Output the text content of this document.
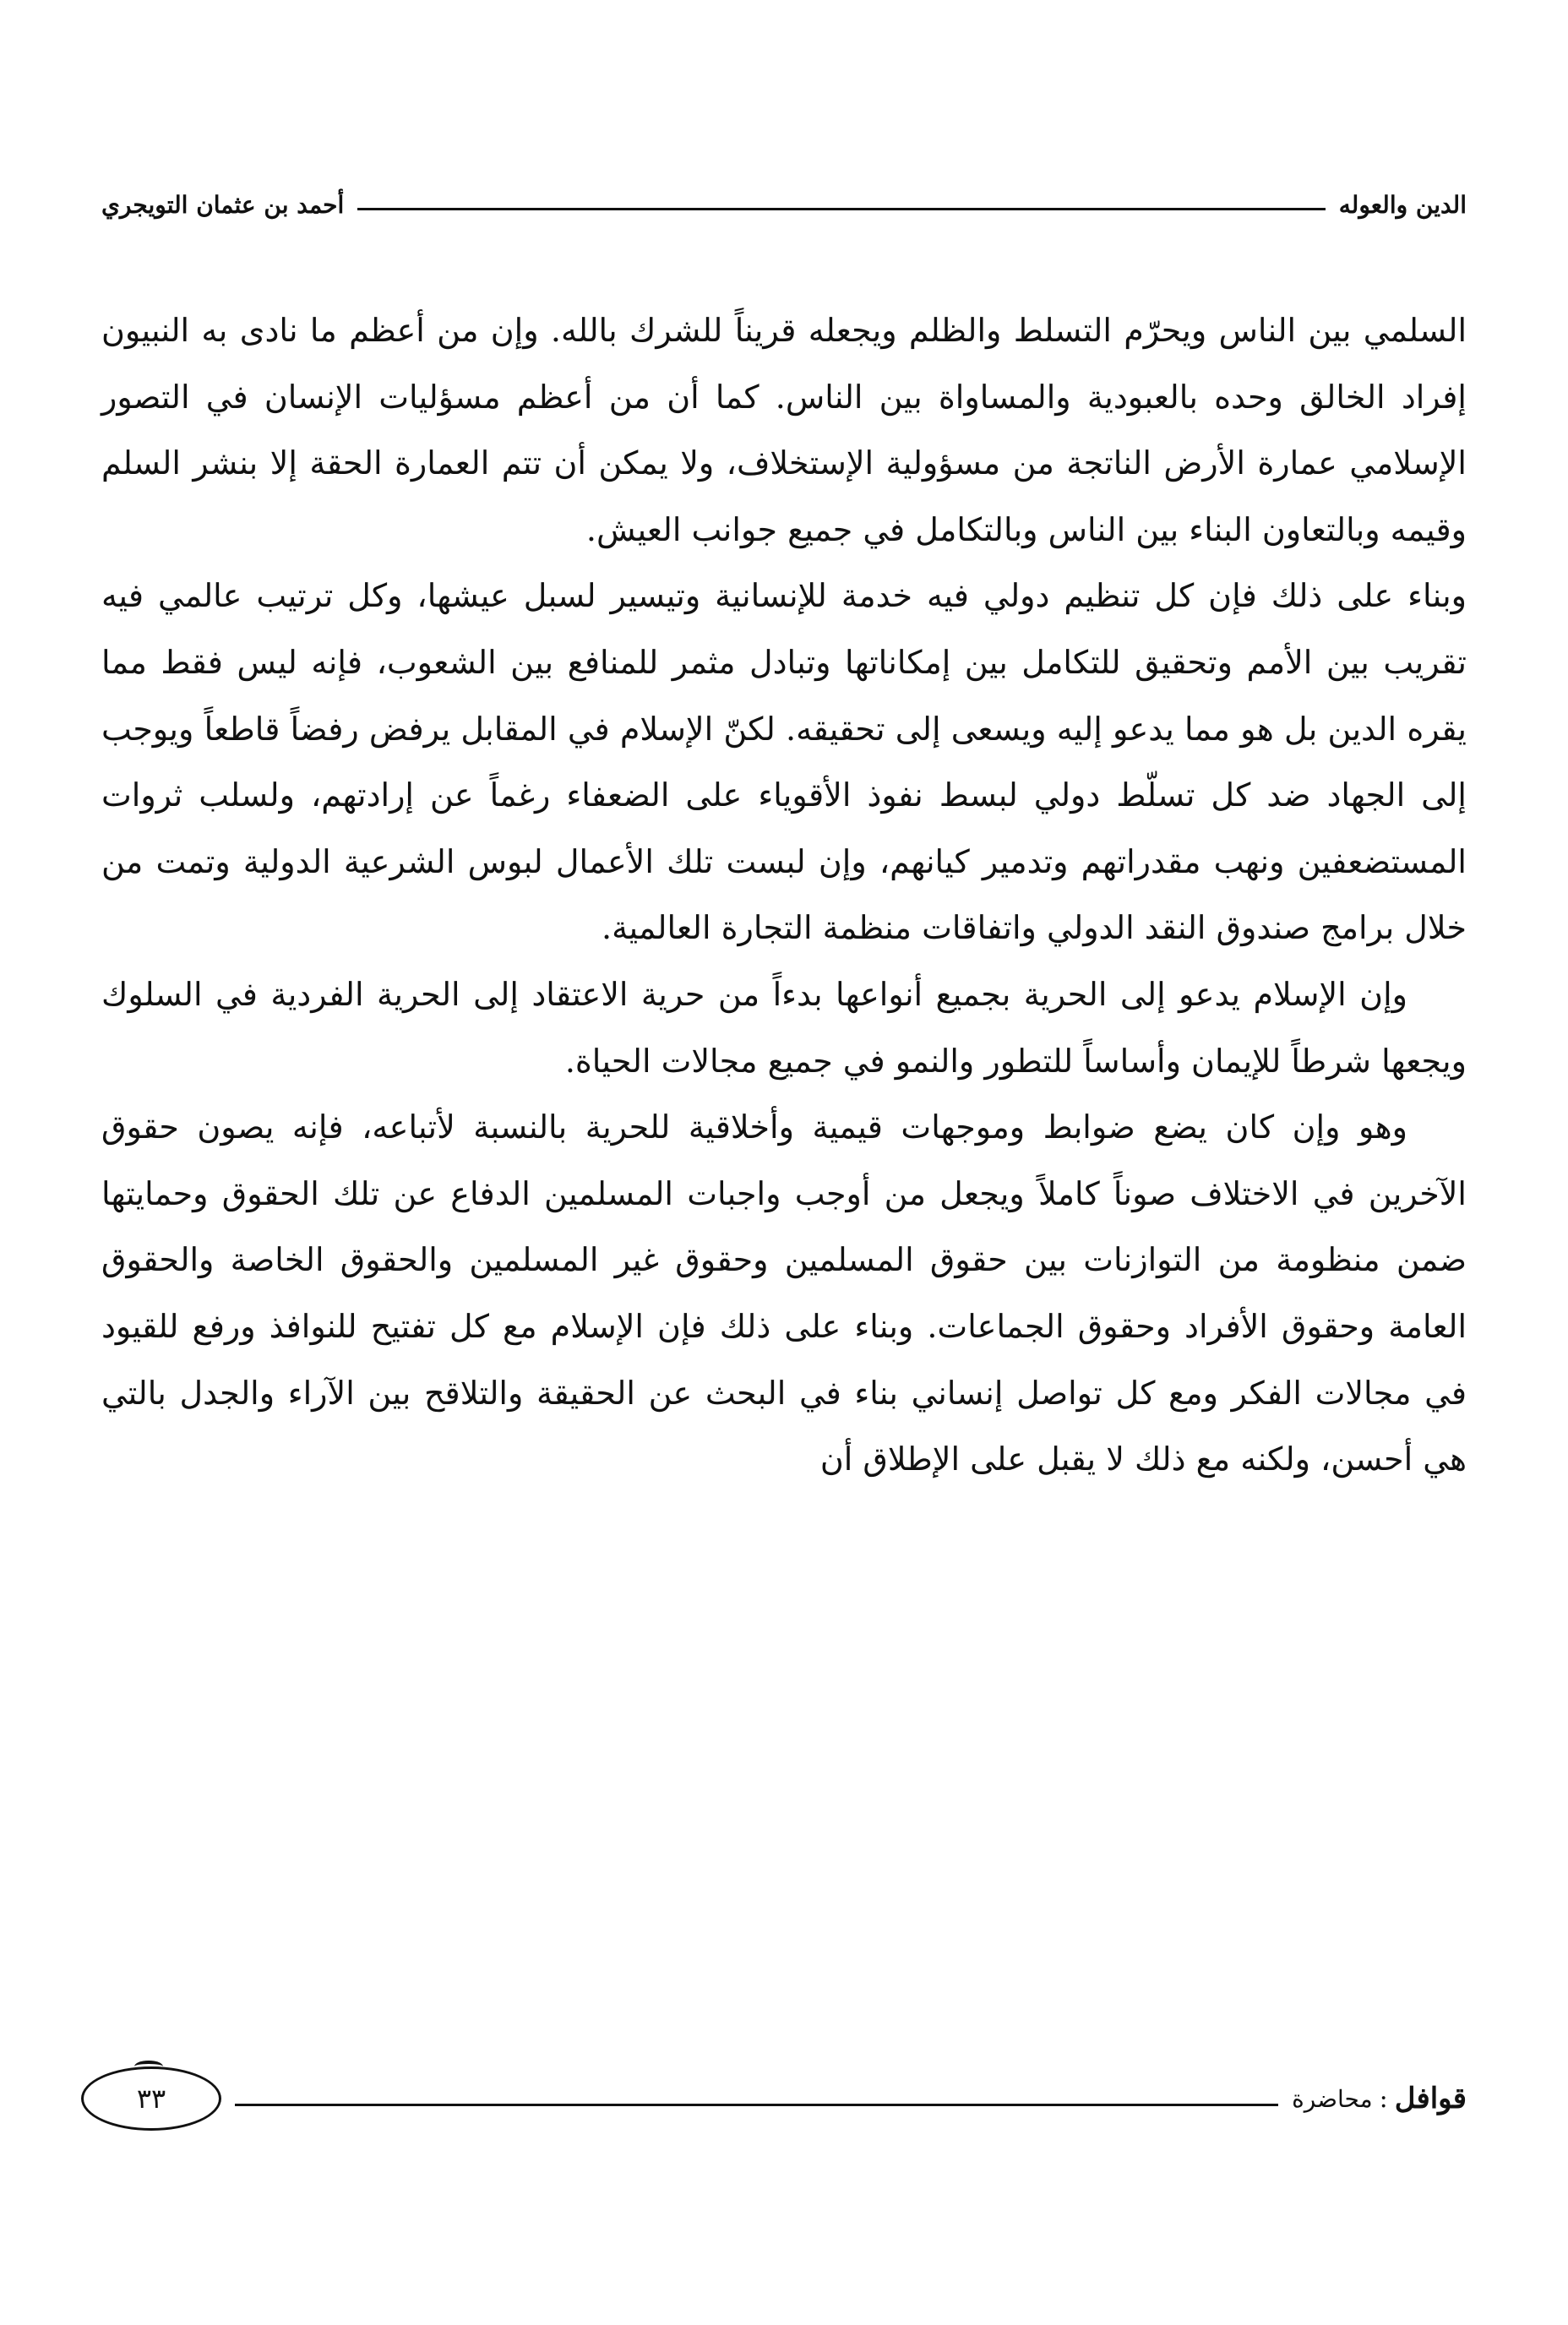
الدين والعوله
أحمد بن عثمان التويجري

السلمي بين الناس ويحرّم التسلط والظلم ويجعله قريناً للشرك بالله. وإن من أعظم ما نادى به النبيون إفراد الخالق وحده بالعبودية والمساواة بين الناس. كما أن من أعظم مسؤليات الإنسان في التصور الإسلامي عمارة الأرض الناتجة من مسؤولية الإستخلاف، ولا يمكن أن تتم العمارة الحقة إلا بنشر السلم وقيمه وبالتعاون البناء بين الناس وبالتكامل في جميع جوانب العيش.

وبناء على ذلك فإن كل تنظيم دولي فيه خدمة للإنسانية وتيسير لسبل عيشها، وكل ترتيب عالمي فيه تقريب بين الأمم وتحقيق للتكامل بين إمكاناتها وتبادل مثمر للمنافع بين الشعوب، فإنه ليس فقط مما يقره الدين بل هو مما يدعو إليه ويسعى إلى تحقيقه. لكنّ الإسلام في المقابل يرفض رفضاً قاطعاً ويوجب إلى الجهاد ضد كل تسلّط دولي لبسط نفوذ الأقوياء على الضعفاء رغماً عن إرادتهم، ولسلب ثروات المستضعفين ونهب مقدراتهم وتدمير كيانهم، وإن لبست تلك الأعمال لبوس الشرعية الدولية وتمت من خلال برامج صندوق النقد الدولي واتفاقات منظمة التجارة العالمية.

وإن الإسلام يدعو إلى الحرية بجميع أنواعها بدءاً من حرية الاعتقاد إلى الحرية الفردية في السلوك ويجعها شرطاً للإيمان وأساساً للتطور والنمو في جميع مجالات الحياة.

وهو وإن كان يضع ضوابط وموجهات قيمية وأخلاقية للحرية بالنسبة لأتباعه، فإنه يصون حقوق الآخرين في الاختلاف صوناً كاملاً ويجعل من أوجب واجبات المسلمين الدفاع عن تلك الحقوق وحمايتها ضمن منظومة من التوازنات بين حقوق المسلمين وحقوق غير المسلمين والحقوق الخاصة والحقوق العامة وحقوق الأفراد وحقوق الجماعات. وبناء على ذلك فإن الإسلام مع كل تفتيح للنوافذ ورفع للقيود في مجالات الفكر ومع كل تواصل إنساني بناء في البحث عن الحقيقة والتلاقح بين الآراء والجدل بالتي هي أحسن، ولكنه مع ذلك لا يقبل على الإطلاق أن

قوافل
:
محاضرة
٣٣
